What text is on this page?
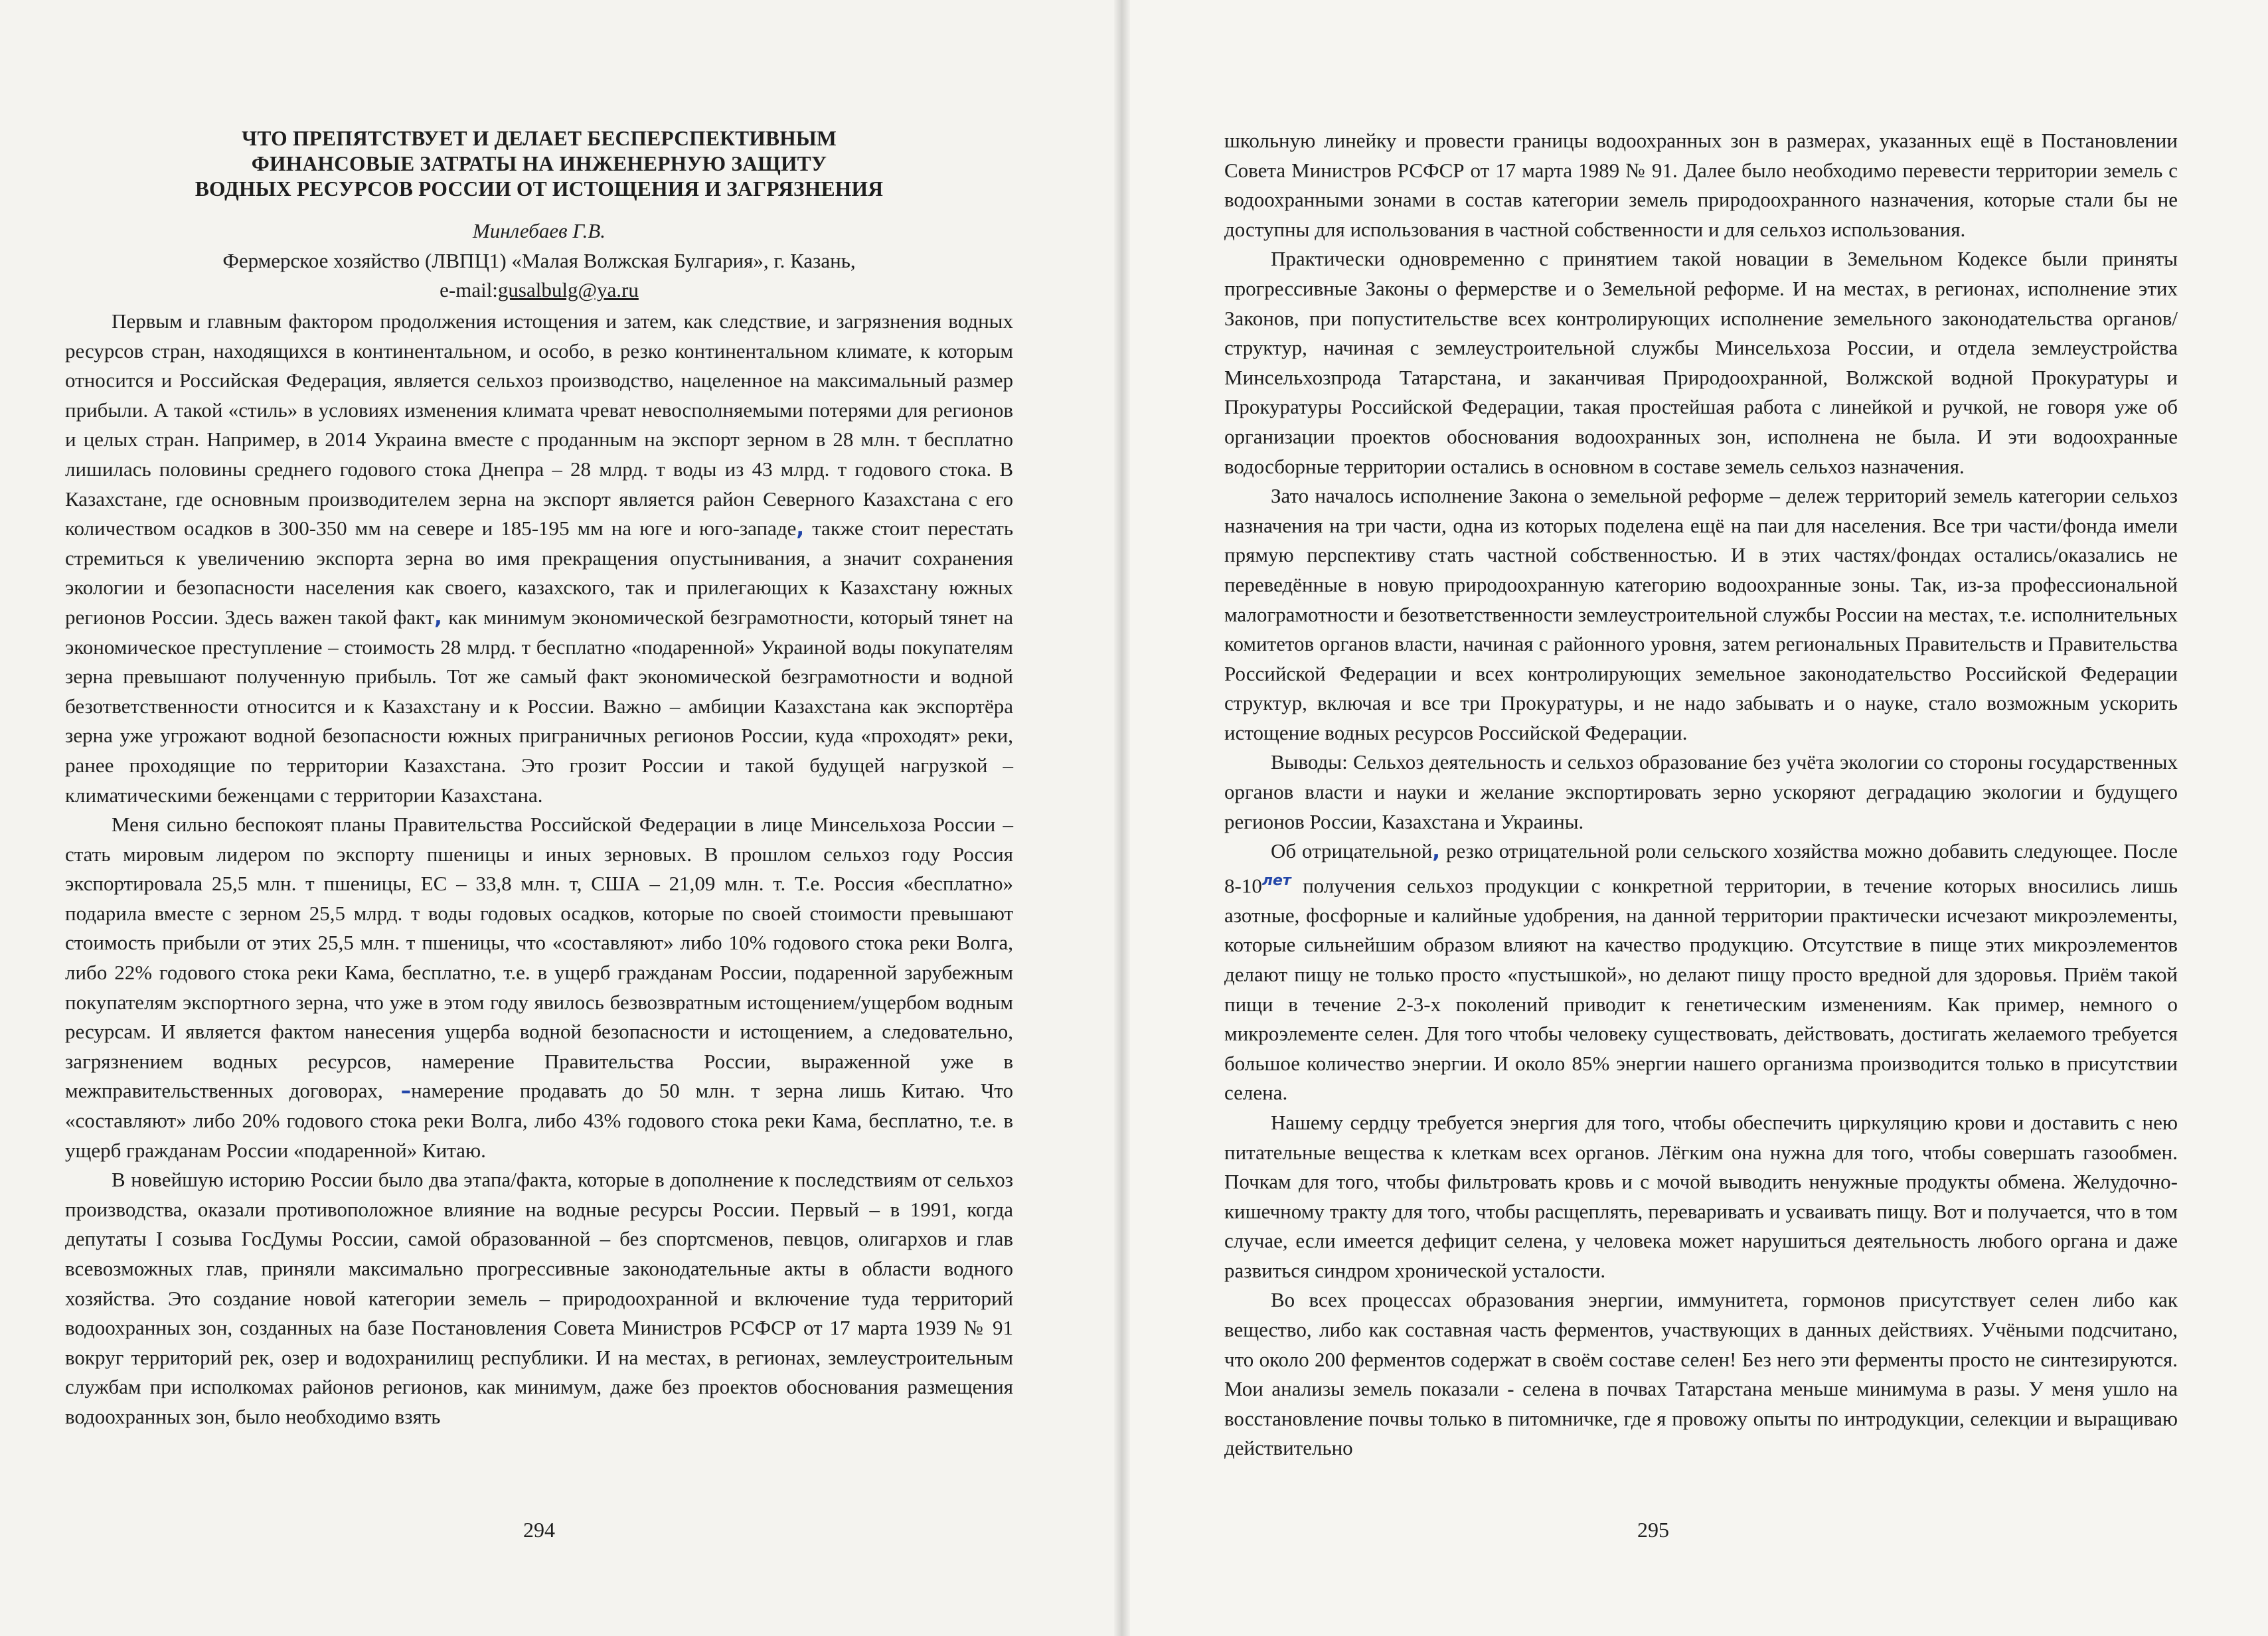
ЧТО ПРЕПЯТСТВУЕТ И ДЕЛАЕТ БЕСПЕРСПЕКТИВНЫМ
ФИНАНСОВЫЕ ЗАТРАТЫ НА ИНЖЕНЕРНУЮ ЗАЩИТУ
ВОДНЫХ РЕСУРСОВ РОССИИ ОТ ИСТОЩЕНИЯ И ЗАГРЯЗНЕНИЯ
Минлебаев Г.В.
Фермерское хозяйство (ЛВПЦ1) «Малая Волжская Булгария», г. Казань,
e-mail:gusalbulg@ya.ru

Первым и главным фактором продолжения истощения и затем, как следствие, и загрязнения водных ресурсов стран, находящихся в континентальном, и особо, в резко континентальном климате, к которым относится и Российская Федерация, является сельхоз производство, нацеленное на максимальный размер прибыли. А такой «стиль» в условиях изменения климата чреват невосполняемыми потерями для регионов и целых стран. Например, в 2014 Украина вместе с проданным на экспорт зерном в 28 млн. т бесплатно лишилась половины среднего годового стока Днепра – 28 млрд. т воды из 43 млрд. т годового стока. В Казахстане, где основным производителем зерна на экспорт является район Северного Казахстана с его количеством осадков в 300-350 мм на севере и 185-195 мм на юге и юго-западе, также стоит перестать стремиться к увеличению экспорта зерна во имя прекращения опустынивания, а значит сохранения экологии и безопасности населения как своего, казахского, так и прилегающих к Казахстану южных регионов России. Здесь важен такой факт, как минимум экономической безграмотности, который тянет на экономическое преступление – стоимость 28 млрд. т бесплатно «подаренной» Украиной воды покупателям зерна превышают полученную прибыль. Тот же самый факт экономической безграмотности и водной безответственности относится и к Казахстану и к России. Важно – амбиции Казахстана как экспортёра зерна уже угрожают водной безопасности южных приграничных регионов России, куда «проходят» реки, ранее проходящие по территории Казахстана. Это грозит России и такой будущей нагрузкой – климатическими беженцами с территории Казахстана.

Меня сильно беспокоят планы Правительства Российской Федерации в лице Минсельхоза России – стать мировым лидером по экспорту пшеницы и иных зерновых. В прошлом сельхоз году Россия экспортировала 25,5 млн. т пшеницы, ЕС – 33,8 млн. т, США – 21,09 млн. т. Т.е. Россия «бесплатно» подарила вместе с зерном 25,5 млрд. т воды годовых осадков, которые по своей стоимости превышают стоимость прибыли от этих 25,5 млн. т пшеницы, что «составляют» либо 10% годового стока реки Волга, либо 22% годового стока реки Кама, бесплатно, т.е. в ущерб гражданам России, подаренной зарубежным покупателям экспортного зерна, что уже в этом году явилось безвозвратным истощением/ущербом водным ресурсам. И является фактом нанесения ущерба водной безопасности и истощением, а следовательно, загрязнением водных ресурсов, намерение Правительства России, выраженной уже в межправительственных договорах, –намерение продавать до 50 млн. т зерна лишь Китаю. Что «составляют» либо 20% годового стока реки Волга, либо 43% годового стока реки Кама, бесплатно, т.е. в ущерб гражданам России «подаренной» Китаю.

В новейшую историю России было два этапа/факта, которые в дополнение к последствиям от сельхоз производства, оказали противоположное влияние на водные ресурсы России. Первый – в 1991, когда депутаты I созыва ГосДумы России, самой образованной – без спортсменов, певцов, олигархов и глав всевозможных глав, приняли максимально прогрессивные законодательные акты в области водного хозяйства. Это создание новой категории земель – природоохранной и включение туда территорий водоохранных зон, созданных на базе Постановления Совета Министров РСФСР от 17 марта 1939 № 91 вокруг территорий рек, озер и водохранилищ республики. И на местах, в регионах, землеустроительным службам при исполкомах районов регионов, как минимум, даже без проектов обоснования размещения водоохранных зон, было необходимо взять

294

школьную линейку и провести границы водоохранных зон в размерах, указанных ещё в Постановлении Совета Министров РСФСР от 17 марта 1989 № 91. Далее было необходимо перевести территории земель с водоохранными зонами в состав категории земель природоохранного назначения, которые стали бы не доступны для использования в частной собственности и для сельхоз использования.

Практически одновременно с принятием такой новации в Земельном Кодексе были приняты прогрессивные Законы о фермерстве и о Земельной реформе. И на местах, в регионах, исполнение этих Законов, при попустительстве всех контролирующих исполнение земельного законодательства органов/структур, начиная с землеустроительной службы Минсельхоза России, и отдела землеустройства Минсельхозпрода Татарстана, и заканчивая Природоохранной, Волжской водной Прокуратуры и Прокуратуры Российской Федерации, такая простейшая работа с линейкой и ручкой, не говоря уже об организации проектов обоснования водоохранных зон, исполнена не была. И эти водоохранные водосборные территории остались в основном в составе земель сельхоз назначения.

Зато началось исполнение Закона о земельной реформе – дележ территорий земель категории сельхоз назначения на три части, одна из которых поделена ещё на паи для населения. Все три части/фонда имели прямую перспективу стать частной собственностью. И в этих частях/фондах остались/оказались не переведённые в новую природоохранную категорию водоохранные зоны. Так, из-за профессиональной малограмотности и безответственности землеустроительной службы России на местах, т.е. исполнительных комитетов органов власти, начиная с районного уровня, затем региональных Правительств и Правительства Российской Федерации и всех контролирующих земельное законодательство Российской Федерации структур, включая и все три Прокуратуры, и не надо забывать и о науке, стало возможным ускорить истощение водных ресурсов Российской Федерации.

Выводы: Сельхоз деятельность и сельхоз образование без учёта экологии со стороны государственных органов власти и науки и желание экспортировать зерно ускоряют деградацию экологии и будущего регионов России, Казахстана и Украины.

Об отрицательной, резко отрицательной роли сельского хозяйства можно добавить следующее. После $8-10^{лет}$ получения сельхоз продукции с конкретной территории, в течение которых вносились лишь азотные, фосфорные и калийные удобрения, на данной территории практически исчезают микроэлементы, которые сильнейшим образом влияют на качество продукцию. Отсутствие в пище этих микроэлементов делают пищу не только просто «пустышкой», но делают пищу просто вредной для здоровья. Приём такой пищи в течение 2-3-х поколений приводит к генетическим изменениям. Как пример, немного о микроэлементе селен. Для того чтобы человеку существовать, действовать, достигать желаемого требуется большое количество энергии. И около 85% энергии нашего организма производится только в присутствии селена.

Нашему сердцу требуется энергия для того, чтобы обеспечить циркуляцию крови и доставить с нею питательные вещества к клеткам всех органов. Лёгким она нужна для того, чтобы совершать газообмен. Почкам для того, чтобы фильтровать кровь и с мочой выводить ненужные продукты обмена. Желудочно-кишечному тракту для того, чтобы расщеплять, переваривать и усваивать пищу. Вот и получается, что в том случае, если имеется дефицит селена, у человека может нарушиться деятельность любого органа и даже развиться синдром хронической усталости.

Во всех процессах образования энергии, иммунитета, гормонов присутствует селен либо как вещество, либо как составная часть ферментов, участвующих в данных действиях. Учёными подсчитано, что около 200 ферментов содержат в своём составе селен! Без него эти ферменты просто не синтезируются. Мои анализы земель показали - селена в почвах Татарстана меньше минимума в разы. У меня ушло на восстановление почвы только в питомничке, где я провожу опыты по интродукции, селекции и выращиваю действительно

295
